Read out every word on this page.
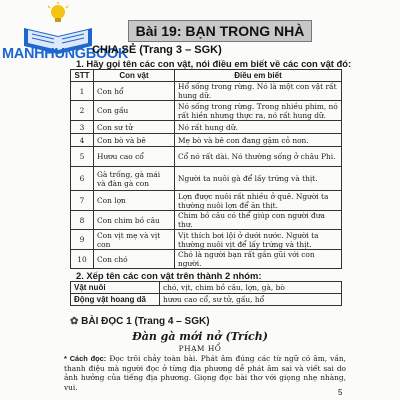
Bài 19: BẠN TRONG NHÀ
MANHHUNGBOOK
CHIA SẺ (Trang 3 – SGK)
1. Hãy gọi tên các con vật, nói điều em biết về các con vật đó:
STT	Con vật	Điều em biết
1	Con hổ	Hổ sống trong rừng. Nó là một con vật rất hung dữ.
2	Con gấu	Nó sống trong rừng. Trong nhiều phim, nó rất hiền nhưng thực ra, nó rất hung dữ.
3	Con sư tử	Nó rất hung dữ.
4	Con bò và bê	Mẹ bò và bê con đang gặm cỏ non.
5	Hươu cao cổ	Cổ nó rất dài. Nó thường sống ở châu Phi.
6	Gà trống, gà mái và đàn gà con	Người ta nuôi gà để lấy trứng và thịt.
7	Con lợn	Lợn được nuôi rất nhiều ở quê. Người ta thường nuôi lợn để ăn thịt.
8	Con chim bồ câu	Chim bồ câu có thể giúp con người đưa thư.
9	Con vịt mẹ và vịt con	Vịt thích bơi lội ở dưới nước. Người ta thường nuôi vịt để lấy trứng và thịt.
10	Con chó	Chó là người bạn rất gần gũi với con người.
2. Xếp tên các con vật trên thành 2 nhóm:
Vật nuôi	chó, vịt, chim bồ câu, lợn, gà, bò
Động vật hoang dã	hươu cao cổ, sư tử, gấu, hổ
✿ BÀI ĐỌC 1 (Trang 4 – SGK)
Đàn gà mới nở (Trích)
PHẠM HỔ
* Cách đọc: Đọc trôi chảy toàn bài. Phát âm đúng các từ ngữ có âm, vần, thanh điệu mà người đọc ở từng địa phương dễ phát âm sai và viết sai do ảnh hưởng của tiếng địa phương. Giọng đọc bài thơ với giọng nhẹ nhàng, vui.
5
